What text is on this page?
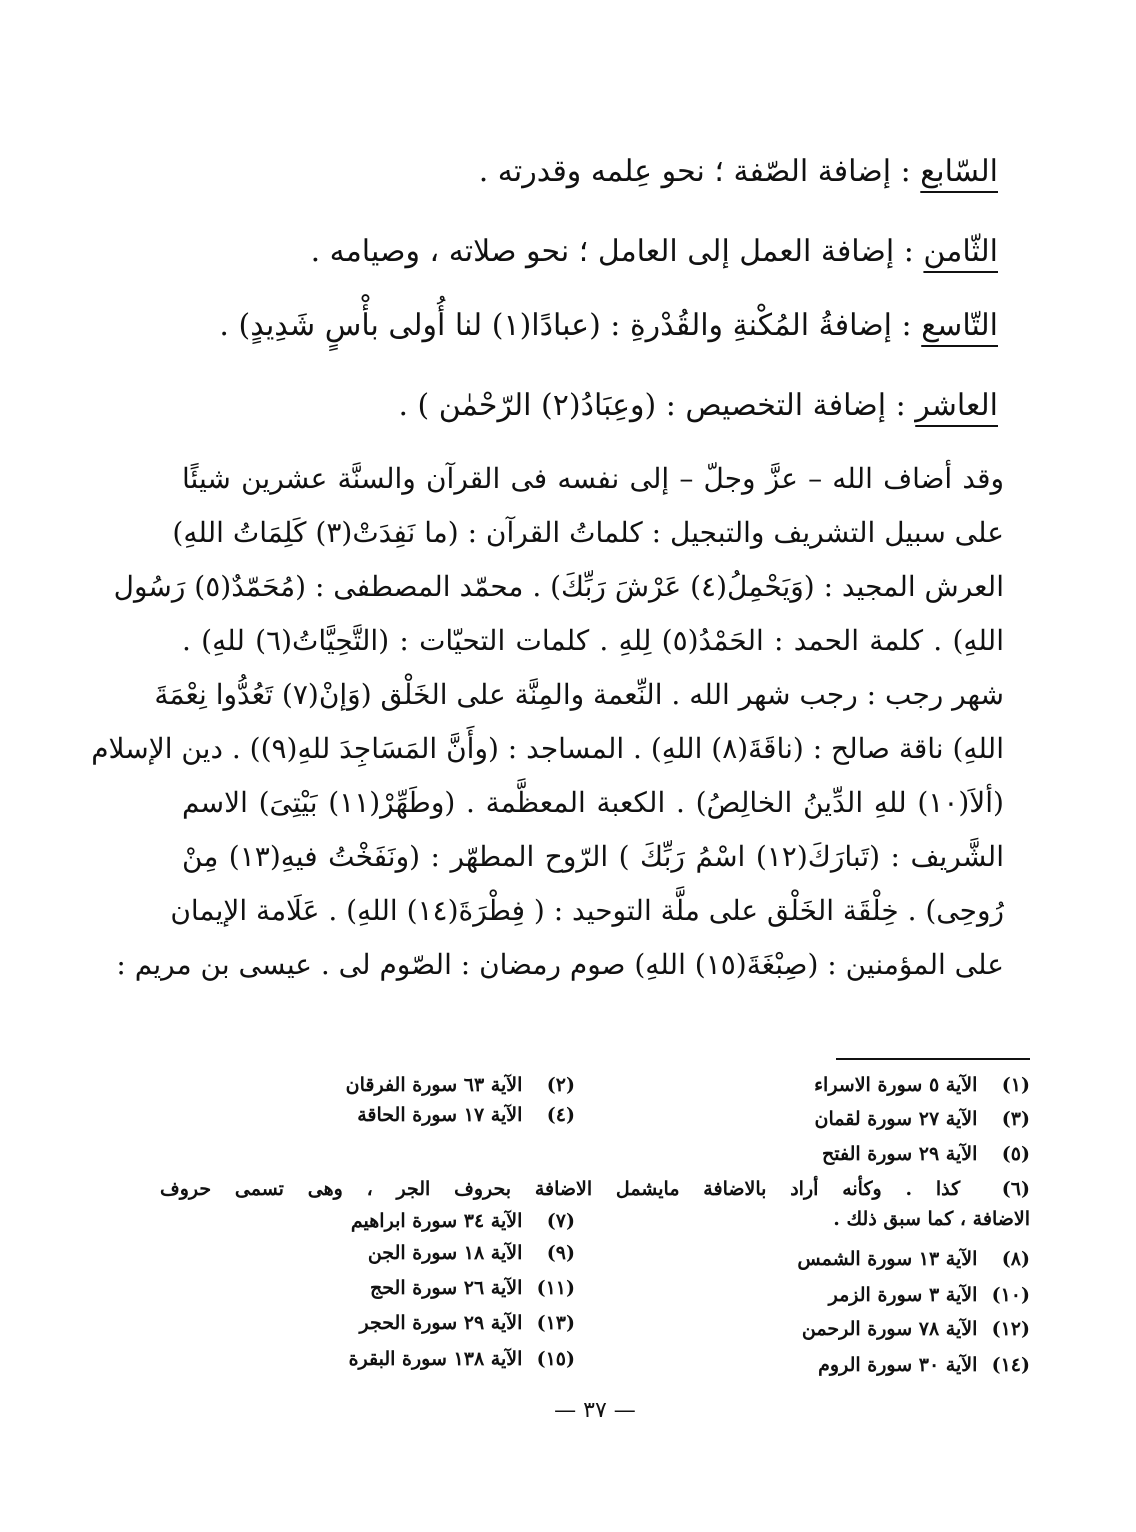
السّابع : إضافة الصّفة ؛ نحو عِلمه وقدرته .
الثّامن : إضافة العمل إلى العامل ؛ نحو صلاته ، وصيامه .
التّاسع : إضافةُ المُكْنةِ والقُدْرةِ : (عبادًا(١) لنا أُولى بأْسٍ شَدِيدٍ) .
العاشر : إضافة التخصيص : (وعِبَادُ(٢) الرّحْمٰن ) .
وقد أضاف الله – عزَّ وجلّ – إلى نفسه فى القرآن والسنَّة عشرين شيئًا
على سبيل التشريف والتبجيل : كلماتُ القرآن : (ما نَفِدَتْ(٣) كَلِمَاتُ اللهِ)
العرش المجيد : (وَيَحْمِلُ(٤) عَرْشَ رَبِّكَ) . محمّد المصطفى : (مُحَمّدٌ(٥) رَسُول
اللهِ) . كلمة الحمد : الحَمْدُ(٥) لِلهِ . كلمات التحيّات : (التَّحِيَّاتُ(٦) للهِ) .
شهر رجب : رجب شهر الله . النِّعمة والمِنَّة على الخَلْق (وَإنْ(٧) تَعُدُّوا نِعْمَةَ
اللهِ) ناقة صالح : (ناقَةَ(٨) اللهِ) . المساجد : (وأَنَّ المَسَاجِدَ للهِ(٩)) . دين الإسلام
(ألاَ(١٠) للهِ الدِّينُ الخالِصُ) . الكعبة المعظَّمة . (وطَهِّرْ(١١) بَيْتِىَ) الاسم
الشَّريف : (تَبارَكَ(١٢) اسْمُ رَبِّكَ ) الرّوح المطهّر : (ونَفَخْتُ فيهِ(١٣) مِنْ
رُوحِى) . خِلْقَة الخَلْق على ملَّة التوحيد : ( فِطْرَةَ(١٤) اللهِ) . عَلَامة الإيمان
على المؤمنين : (صِبْغَةَ(١٥) اللهِ) صوم رمضان : الصّوم لى . عيسى بن مريم :
(١) الآية ٥ سورة الاسراء
(٣) الآية ٢٧ سورة لقمان
(٥) الآية ٢٩ سورة الفتح
(٦) كذا . وكأنه أراد بالاضافة مايشمل الاضافة بحروف الجر ، وهى تسمى حروف
الاضافة ، كما سبق ذلك .
(٨) الآية ١٣ سورة الشمس
(١٠) الآية ٣ سورة الزمر
(١٢) الآية ٧٨ سورة الرحمن
(١٤) الآية ٣٠ سورة الروم
(٢) الآية ٦٣ سورة الفرقان
(٤) الآية ١٧ سورة الحاقة
(٧) الآية ٣٤ سورة ابراهيم
(٩) الآية ١٨ سورة الجن
(١١) الآية ٢٦ سورة الحج
(١٣) الآية ٢٩ سورة الحجر
(١٥) الآية ١٣٨ سورة البقرة
— ٣٧ —
